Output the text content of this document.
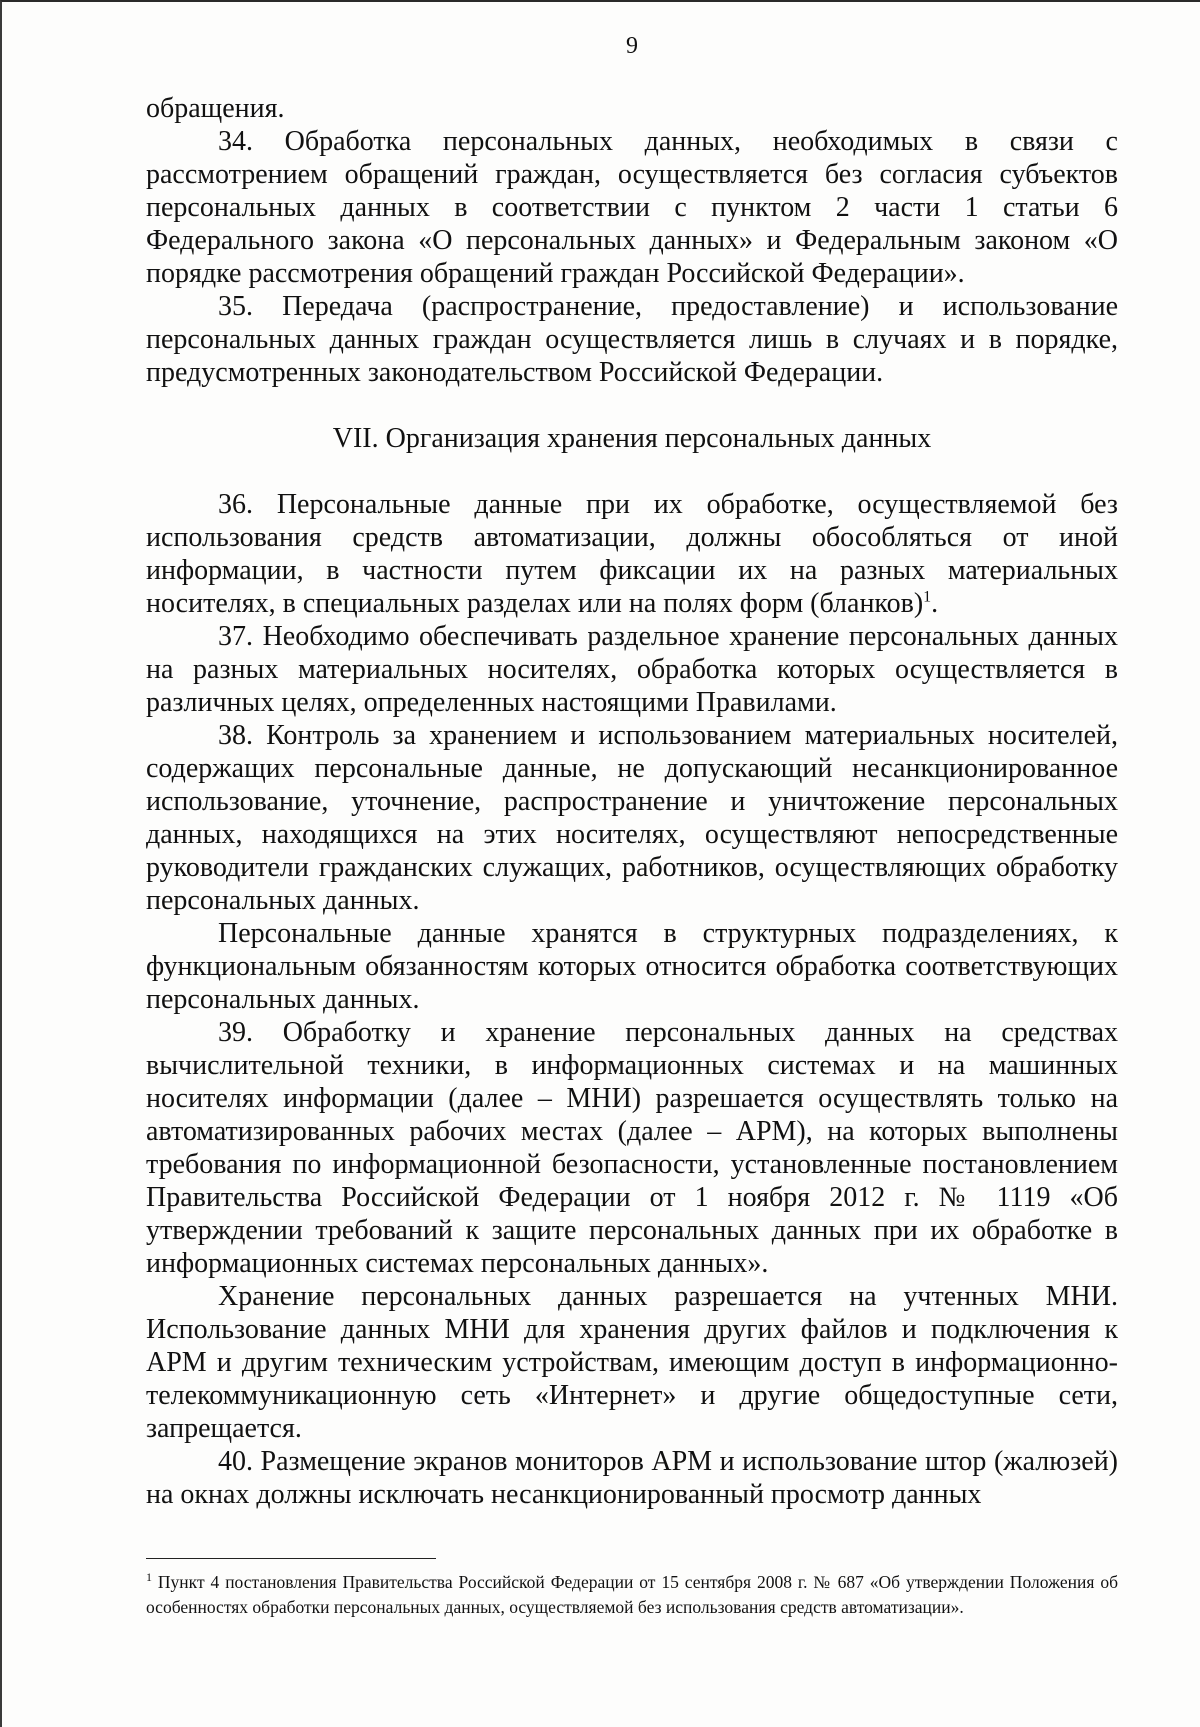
9

обращения.

34. Обработка персональных данных, необходимых в связи с рассмотрением обращений граждан, осуществляется без согласия субъектов персональных данных в соответствии с пунктом 2 части 1 статьи 6 Федерального закона «О персональных данных» и Федеральным законом «О порядке рассмотрения обращений граждан Российской Федерации».

35. Передача (распространение, предоставление) и использование персональных данных граждан осуществляется лишь в случаях и в порядке, предусмотренных законодательством Российской Федерации.

VII. Организация хранения персональных данных

36. Персональные данные при их обработке, осуществляемой без использования средств автоматизации, должны обособляться от иной информации, в частности путем фиксации их на разных материальных носителях, в специальных разделах или на полях форм (бланков)$^1$.

37. Необходимо обеспечивать раздельное хранение персональных данных на разных материальных носителях, обработка которых осуществляется в различных целях, определенных настоящими Правилами.

38. Контроль за хранением и использованием материальных носителей, содержащих персональные данные, не допускающий несанкционированное использование, уточнение, распространение и уничтожение персональных данных, находящихся на этих носителях, осуществляют непосредственные руководители гражданских служащих, работников, осуществляющих обработку персональных данных.

Персональные данные хранятся в структурных подразделениях, к функциональным обязанностям которых относится обработка соответствующих персональных данных.

39. Обработку и хранение персональных данных на средствах вычислительной техники, в информационных системах и на машинных носителях информации (далее – МНИ) разрешается осуществлять только на автоматизированных рабочих местах (далее – АРМ), на которых выполнены требования по информационной безопасности, установленные постановлением Правительства Российской Федерации от 1 ноября 2012 г. № 1119 «Об утверждении требований к защите персональных данных при их обработке в информационных системах персональных данных».

Хранение персональных данных разрешается на учтенных МНИ. Использование данных МНИ для хранения других файлов и подключения к АРМ и другим техническим устройствам, имеющим доступ в информационно-телекоммуникационную сеть «Интернет» и другие общедоступные сети, запрещается.

40. Размещение экранов мониторов АРМ и использование штор (жалюзей) на окнах должны исключать несанкционированный просмотр данных

$^1$ Пункт 4 постановления Правительства Российской Федерации от 15 сентября 2008 г. № 687 «Об утверждении Положения об особенностях обработки персональных данных, осуществляемой без использования средств автоматизации».
